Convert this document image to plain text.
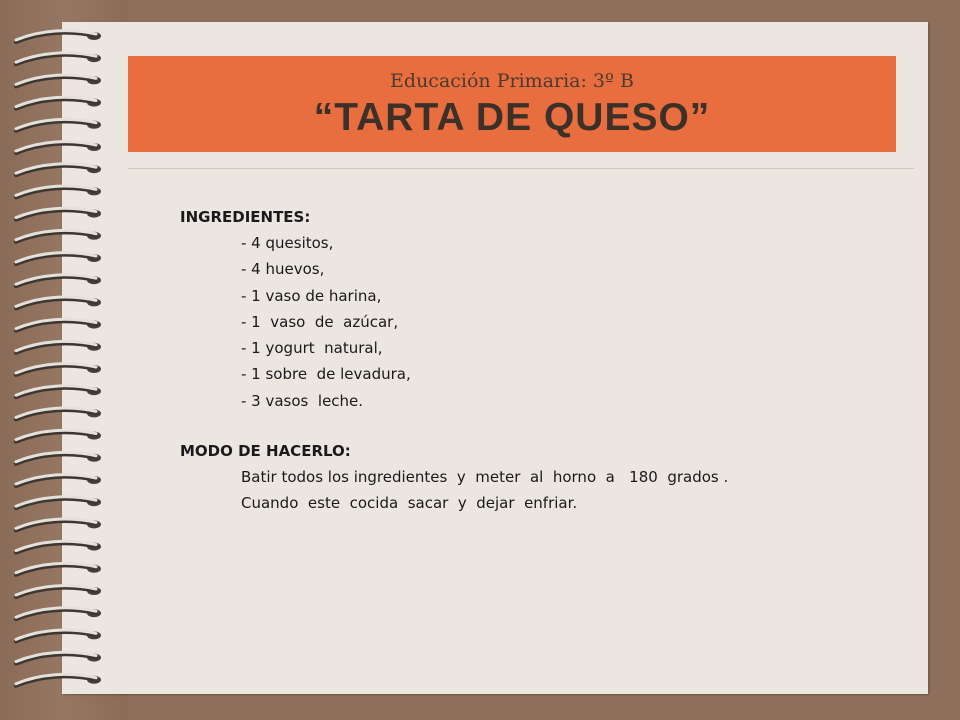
Educación Primaria: 3º B
“TARTA DE QUESO”
INGREDIENTES:
- 4 quesitos,
- 4 huevos,
- 1 vaso de harina,
- 1  vaso  de  azúcar,
- 1 yogurt  natural,
- 1 sobre  de levadura,
- 3 vasos  leche.
MODO DE HACERLO:
Batir todos los ingredientes  y  meter  al  horno  a   180  grados .
Cuando  este  cocida  sacar  y  dejar  enfriar.
